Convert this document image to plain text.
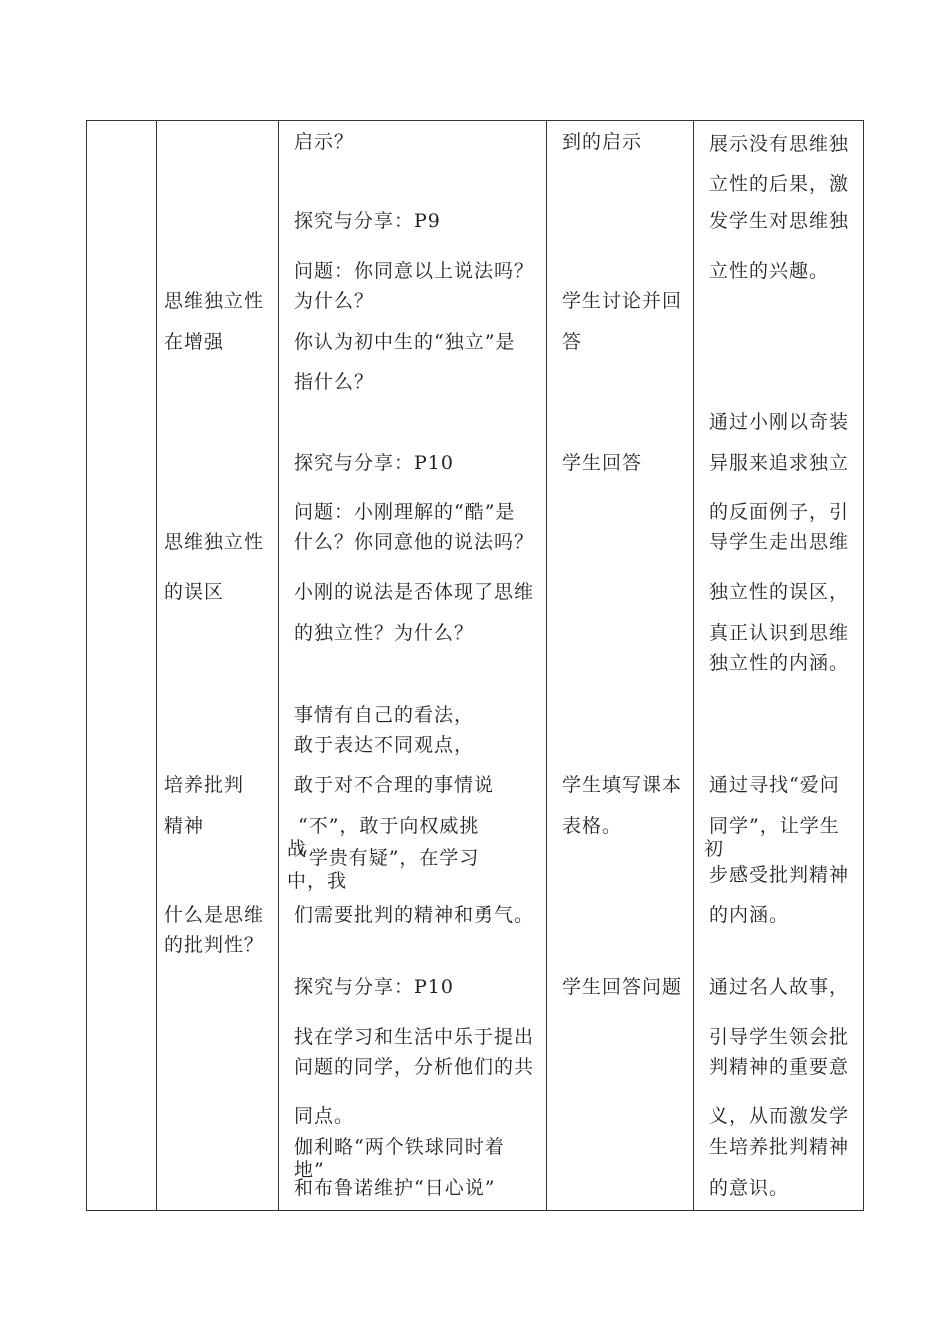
思维独立性
在增强
思维独立性
的误区
培养批判
精神
什么是思维
的批判性？
启示？
探究与分享：P9
问题：你同意以上说法吗？
为什么？
你认为初中生的“独立”是
指什么？
探究与分享：P10
问题：小刚理解的“酷”是
什么？你同意他的说法吗？
小刚的说法是否体现了思维
的独立性？为什么？
事情有自己的看法，
敢于表达不同观点，
敢于对不合理的事情说
“不”，敢于向权威挑
战
“学贵有疑”，在学习
中，我
们需要批判的精神和勇气。
探究与分享：P10
找在学习和生活中乐于提出
问题的同学，分析他们的共
同点。
伽利略“两个铁球同时着
地”
和布鲁诺维护“日心说”
到的启示
学生讨论并回
答
学生回答
学生填写课本
表格。
学生回答问题
展示没有思维独
立性的后果，激
发学生对思维独
立性的兴趣。
通过小刚以奇装
异服来追求独立
的反面例子，引
导学生走出思维
独立性的误区，
真正认识到思维
独立性的内涵。
通过寻找“爱问
同学”，让学生
初
步感受批判精神
的内涵。
通过名人故事，
引导学生领会批
判精神的重要意
义，从而激发学
生培养批判精神
的意识。
